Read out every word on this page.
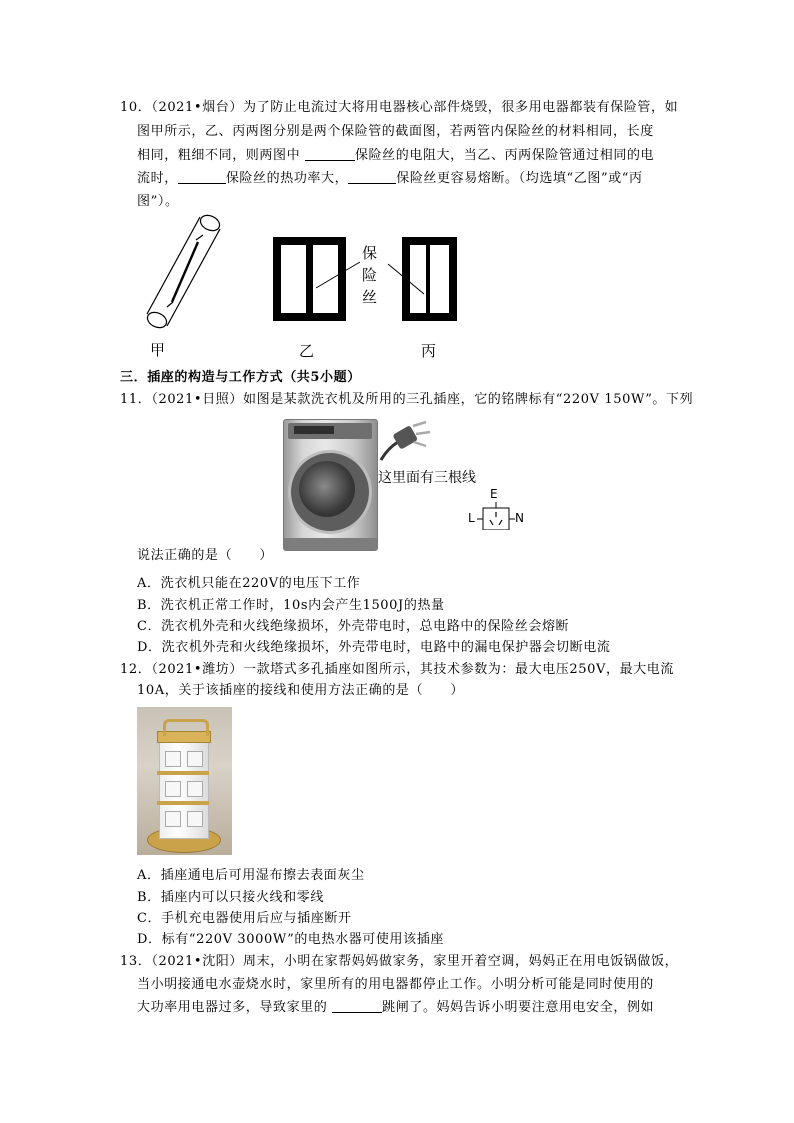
10．（2021•烟台）为了防止电流过大将用电器核心部件烧毁，很多用电器都装有保险管，如
图甲所示，乙、丙两图分别是两个保险管的截面图，若两管内保险丝的材料相同，长度
相同，粗细不同，则两图中	保险丝的电阻大，当乙、丙两保险管通过相同的电
流时，	保险丝的热功率大，	保险丝更容易熔断。（均选填“乙图”或“丙
图”）。
保
险
丝
甲	乙	丙
三．插座的构造与工作方式（共5小题）
11．（2021•日照）如图是某款洗衣机及所用的三孔插座，它的铭牌标有“220V 150W”。下列
这里面有三根线
E
L	N
说法正确的是（　　）
A．洗衣机只能在220V的电压下工作
B．洗衣机正常工作时，10s内会产生1500J的热量
C．洗衣机外壳和火线绝缘损坏，外壳带电时，总电路中的保险丝会熔断
D．洗衣机外壳和火线绝缘损坏，外壳带电时，电路中的漏电保护器会切断电流
12．（2021•潍坊）一款塔式多孔插座如图所示，其技术参数为：最大电压250V，最大电流
10A，关于该插座的接线和使用方法正确的是（　　）
A．插座通电后可用湿布擦去表面灰尘
B．插座内可以只接火线和零线
C．手机充电器使用后应与插座断开
D．标有“220V 3000W”的电热水器可使用该插座
13．（2021•沈阳）周末，小明在家帮妈妈做家务，家里开着空调，妈妈正在用电饭锅做饭，
当小明接通电水壶烧水时，家里所有的用电器都停止工作。小明分析可能是同时使用的
大功率用电器过多，导致家里的	跳闸了。妈妈告诉小明要注意用电安全，例如
